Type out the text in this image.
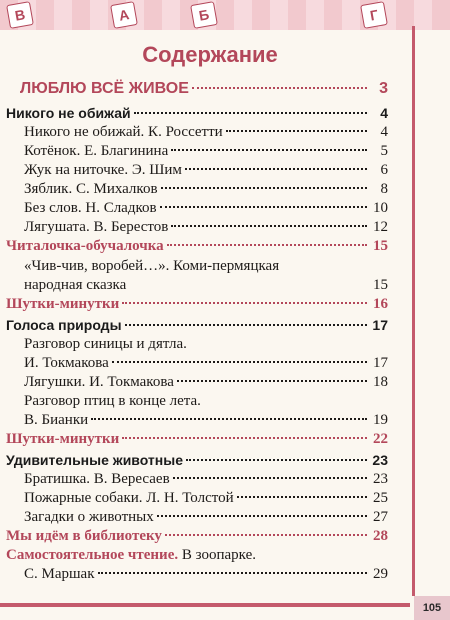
В	А	Б	Г
105
Содержание
ЛЮБЛЮ ВСЁ ЖИВОЕ	3
Никого не обижай	4
Никого не обижай. К. Россетти	4
Котёнок. Е. Благинина	5
Жук на ниточке. Э. Шим	6
Зяблик. С. Михалков	8
Без слов. Н. Сладков	10
Лягушата. В. Берестов	12
Читалочка-обучалочка	15
«Чив-чив, воробей…». Коми-пермяцкая
народная сказка	15
Шутки-минутки	16
Голоса природы	17
Разговор синицы и дятла.
И. Токмакова	17
Лягушки. И. Токмакова	18
Разговор птиц в конце лета.
В. Бианки	19
Шутки-минутки	22
Удивительные животные	23
Братишка. В. Вересаев	23
Пожарные собаки. Л. Н. Толстой	25
Загадки о животных	27
Мы идём в библиотеку	28
Самостоятельное чтение. В зоопарке.
С. Маршак	29
